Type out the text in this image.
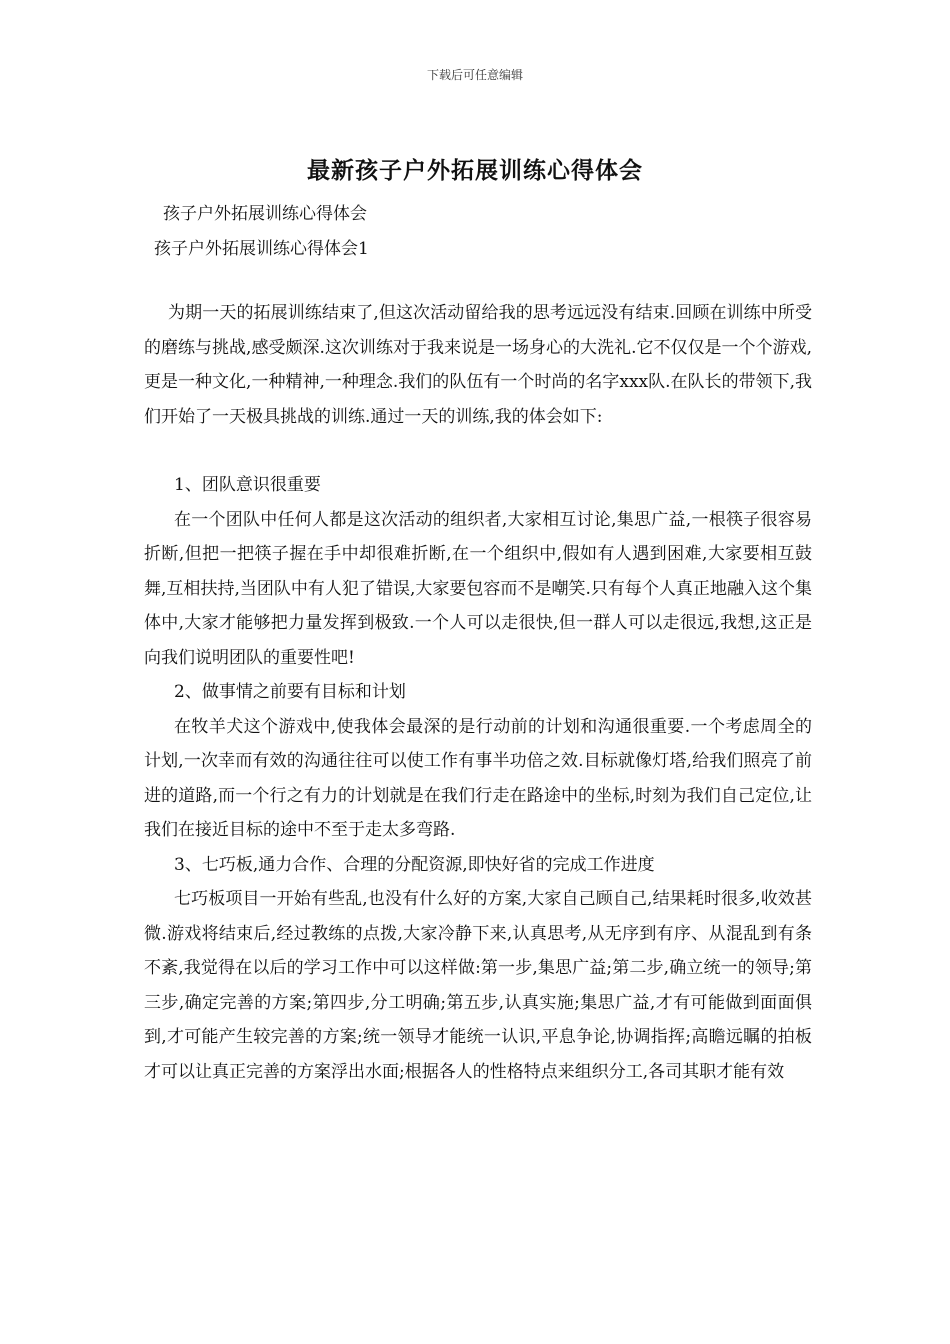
下载后可任意编辑
最新孩子户外拓展训练心得体会
孩子户外拓展训练心得体会
孩子户外拓展训练心得体会1

为期一天的拓展训练结束了,但这次活动留给我的思考远远没有结束.回顾在训练中所受的磨练与挑战,感受颇深.这次训练对于我来说是一场身心的大洗礼.它不仅仅是一个个游戏,更是一种文化,一种精神,一种理念.我们的队伍有一个时尚的名字xxx队.在队长的带领下,我们开始了一天极具挑战的训练.通过一天的训练,我的体会如下:

1、团队意识很重要

在一个团队中任何人都是这次活动的组织者,大家相互讨论,集思广益,一根筷子很容易折断,但把一把筷子握在手中却很难折断,在一个组织中,假如有人遇到困难,大家要相互鼓舞,互相扶持,当团队中有人犯了错误,大家要包容而不是嘲笑.只有每个人真正地融入这个集体中,大家才能够把力量发挥到极致.一个人可以走很快,但一群人可以走很远,我想,这正是向我们说明团队的重要性吧!

2、做事情之前要有目标和计划

在牧羊犬这个游戏中,使我体会最深的是行动前的计划和沟通很重要.一个考虑周全的计划,一次幸而有效的沟通往往可以使工作有事半功倍之效.目标就像灯塔,给我们照亮了前进的道路,而一个行之有力的计划就是在我们行走在路途中的坐标,时刻为我们自己定位,让我们在接近目标的途中不至于走太多弯路.

3、七巧板,通力合作、合理的分配资源,即快好省的完成工作进度

七巧板项目一开始有些乱,也没有什么好的方案,大家自己顾自己,结果耗时很多,收效甚微.游戏将结束后,经过教练的点拨,大家冷静下来,认真思考,从无序到有序、从混乱到有条不紊,我觉得在以后的学习工作中可以这样做:第一步,集思广益;第二步,确立统一的领导;第三步,确定完善的方案;第四步,分工明确;第五步,认真实施;集思广益,才有可能做到面面俱到,才可能产生较完善的方案;统一领导才能统一认识,平息争论,协调指挥;高瞻远瞩的拍板才可以让真正完善的方案浮出水面;根据各人的性格特点来组织分工,各司其职才能有效
